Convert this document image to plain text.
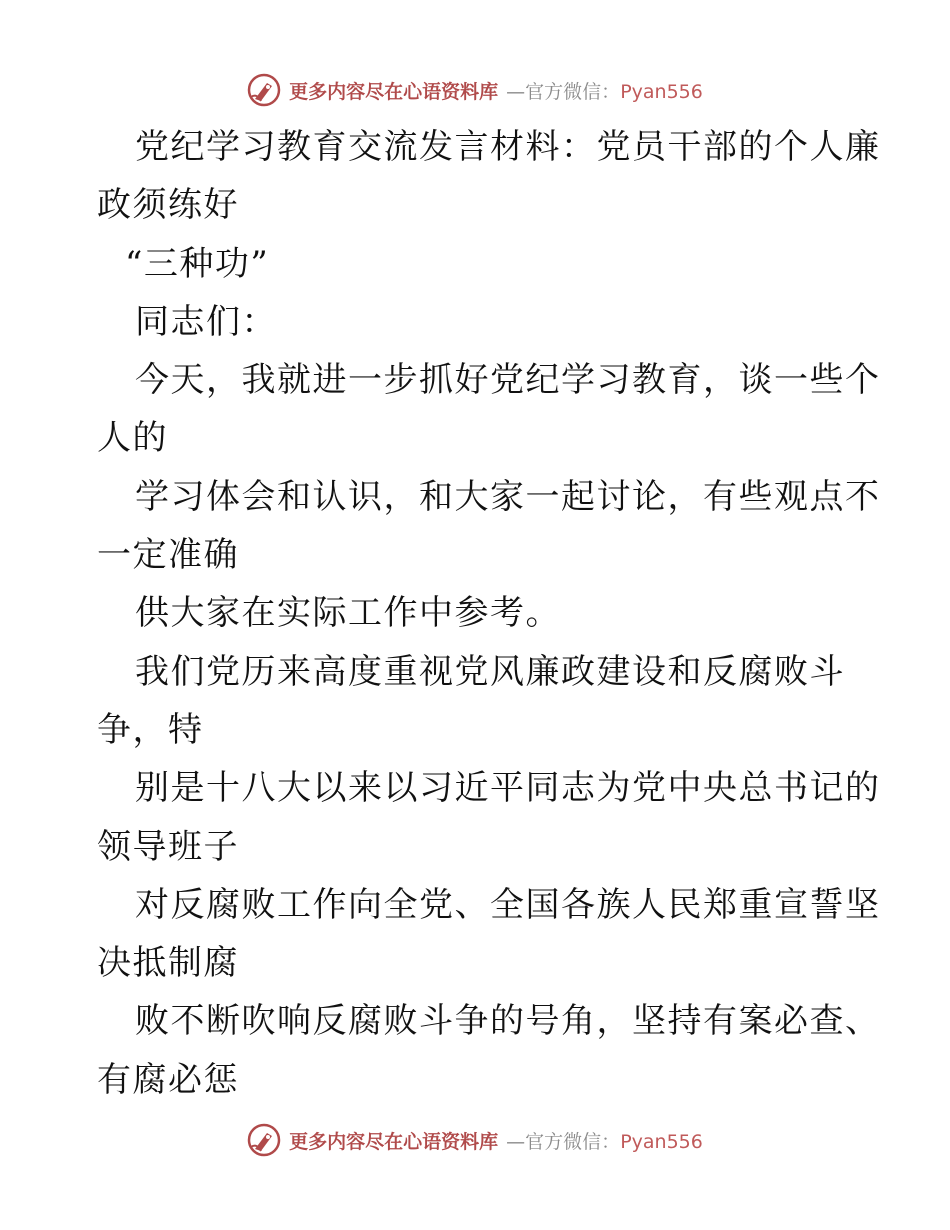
更多内容尽在心语资料库 —官方微信：Pyan556
党纪学习教育交流发言材料：党员干部的个人廉
政须练好
“三种功”
同志们：
今天，我就进一步抓好党纪学习教育，谈一些个
人的
学习体会和认识，和大家一起讨论，有些观点不
一定准确
供大家在实际工作中参考。
我们党历来高度重视党风廉政建设和反腐败斗
争，特
别是十八大以来以习近平同志为党中央总书记的
领导班子
对反腐败工作向全党、全国各族人民郑重宣誓坚
决抵制腐
败不断吹响反腐败斗争的号角，坚持有案必查、
有腐必惩
更多内容尽在心语资料库 —官方微信：Pyan556
